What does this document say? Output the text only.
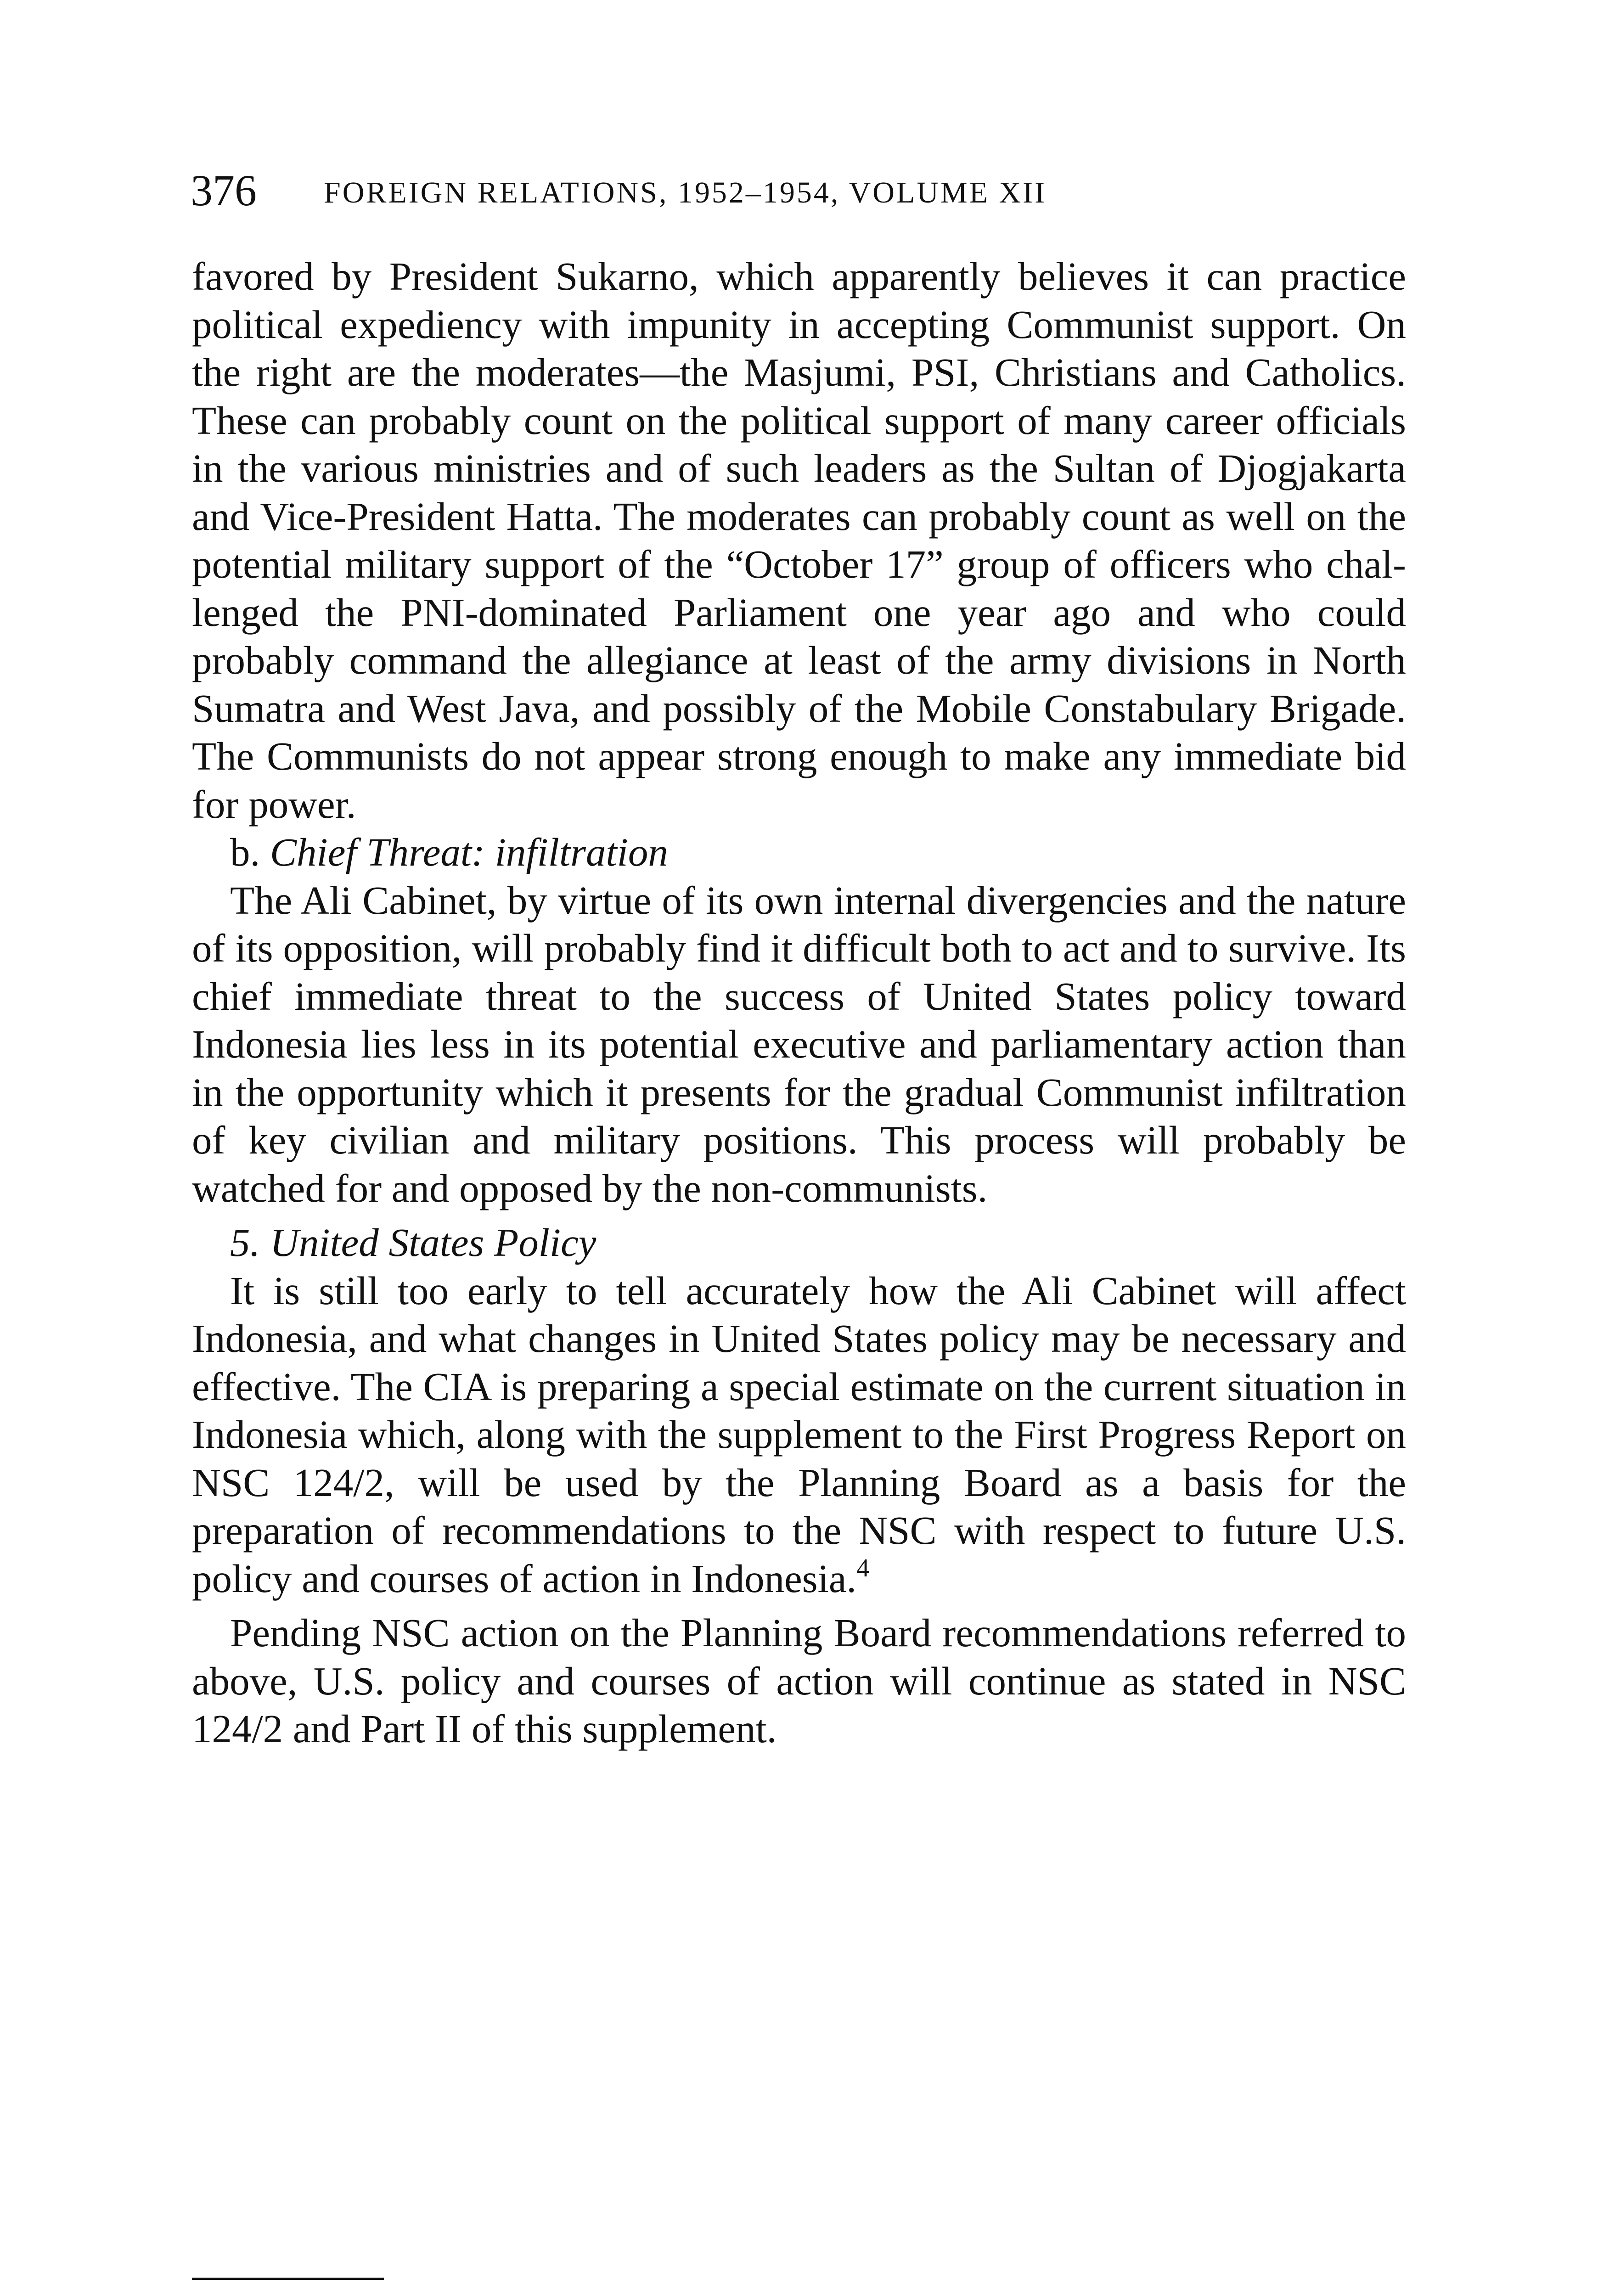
376 FOREIGN RELATIONS, 1952–1954, VOLUME XII

favored by President Sukarno, which apparently believes it can practice political expediency with impunity in accepting Communist support. On the right are the moderates—the Masjumi, PSI, Christians and Catholics. These can probably count on the political support of many career officials in the various ministries and of such leaders as the Sultan of Djogjakarta and Vice-President Hatta. The moderates can probably count as well on the potential military support of the “October 17” group of officers who challenged the PNI-dominated Parliament one year ago and who could probably command the allegiance at least of the army divisions in North Sumatra and West Java, and possibly of the Mobile Constabulary Brigade. The Communists do not appear strong enough to make any immediate bid for power.

b. Chief Threat: infiltration

The Ali Cabinet, by virtue of its own internal divergencies and the nature of its opposition, will probably find it difficult both to act and to survive. Its chief immediate threat to the success of United States policy toward Indonesia lies less in its potential executive and parliamentary action than in the opportunity which it presents for the gradual Communist infiltration of key civilian and military positions. This process will probably be watched for and opposed by the non-communists.

5. United States Policy

It is still too early to tell accurately how the Ali Cabinet will affect Indonesia, and what changes in United States policy may be necessary and effective. The CIA is preparing a special estimate on the current situation in Indonesia which, along with the supplement to the First Progress Report on NSC 124/2, will be used by the Planning Board as a basis for the preparation of recommendations to the NSC with respect to future U.S. policy and courses of action in Indonesia.$^4$

Pending NSC action on the Planning Board recommendations referred to above, U.S. policy and courses of action will continue as stated in NSC 124/2 and Part II of this supplement.
